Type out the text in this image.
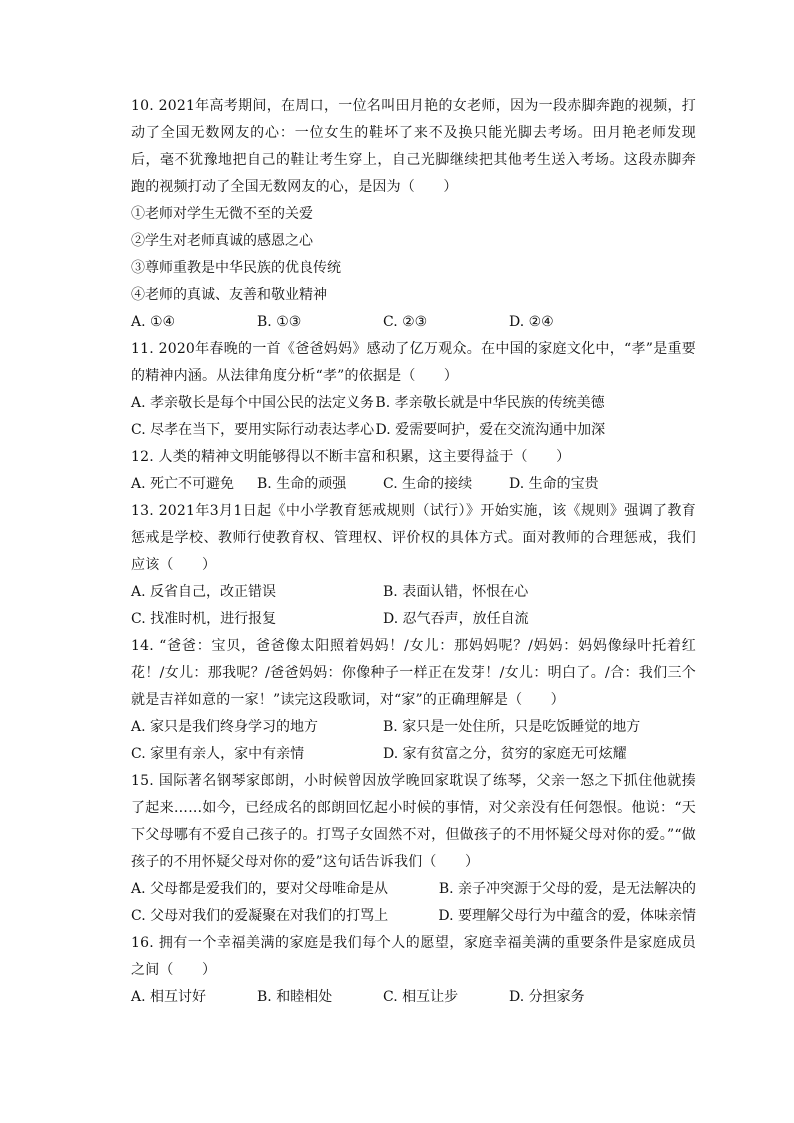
10. 2021年高考期间，在周口，一位名叫田月艳的女老师，因为一段赤脚奔跑的视频，打动了全国无数网友的心：一位女生的鞋坏了来不及换只能光脚去考场。田月艳老师发现后，毫不犹豫地把自己的鞋让考生穿上，自己光脚继续把其他考生送入考场。这段赤脚奔跑的视频打动了全国无数网友的心，是因为（　　）

①老师对学生无微不至的关爱

②学生对老师真诚的感恩之心

③尊师重教是中华民族的优良传统

④老师的真诚、友善和敬业精神

A. ①④	B. ①③	C. ②③	D. ②④

11. 2020年春晚的一首《爸爸妈妈》感动了亿万观众。在中国的家庭文化中，“孝”是重要的精神内涵。从法律角度分析“孝”的依据是（　　）

A. 孝亲敬长是每个中国公民的法定义务 B. 孝亲敬长就是中华民族的传统美德
C. 尽孝在当下，要用实际行动表达孝心 D. 爱需要呵护，爱在交流沟通中加深

12. 人类的精神文明能够得以不断丰富和积累，这主要得益于（　　）

A. 死亡不可避免	B. 生命的顽强	C. 生命的接续	D. 生命的宝贵

13. 2021年3月1日起《中小学教育惩戒规则（试行）》开始实施，该《规则》强调了教育惩戒是学校、教师行使教育权、管理权、评价权的具体方式。面对教师的合理惩戒，我们应该（　　）

A. 反省自己，改正错误	B. 表面认错，怀恨在心
C. 找准时机，进行报复	D. 忍气吞声，放任自流

14. “爸爸：宝贝，爸爸像太阳照着妈妈！/女儿：那妈妈呢？/妈妈：妈妈像绿叶托着红花！/女儿：那我呢？/爸爸妈妈：你像种子一样正在发芽！/女儿：明白了。/合：我们三个就是吉祥如意的一家！”读完这段歌词，对“家”的正确理解是（　　）

A. 家只是我们终身学习的地方	B. 家只是一处住所，只是吃饭睡觉的地方
C. 家里有亲人，家中有亲情	D. 家有贫富之分，贫穷的家庭无可炫耀

15. 国际著名钢琴家郎朗，小时候曾因放学晚回家耽误了练琴，父亲一怒之下抓住他就揍了起来……如今，已经成名的郎朗回忆起小时候的事情，对父亲没有任何怨恨。他说：“天下父母哪有不爱自己孩子的。打骂子女固然不对，但做孩子的不用怀疑父母对你的爱。”“做孩子的不用怀疑父母对你的爱”这句话告诉我们（　　）

A. 父母都是爱我们的，要对父母唯命是从	B. 亲子冲突源于父母的爱，是无法解决的
C. 父母对我们的爱凝聚在对我们的打骂上	D. 要理解父母行为中蕴含的爱，体味亲情

16. 拥有一个幸福美满的家庭是我们每个人的愿望，家庭幸福美满的重要条件是家庭成员之间（　　）

A. 相互讨好	B. 和睦相处	C. 相互让步	D. 分担家务
